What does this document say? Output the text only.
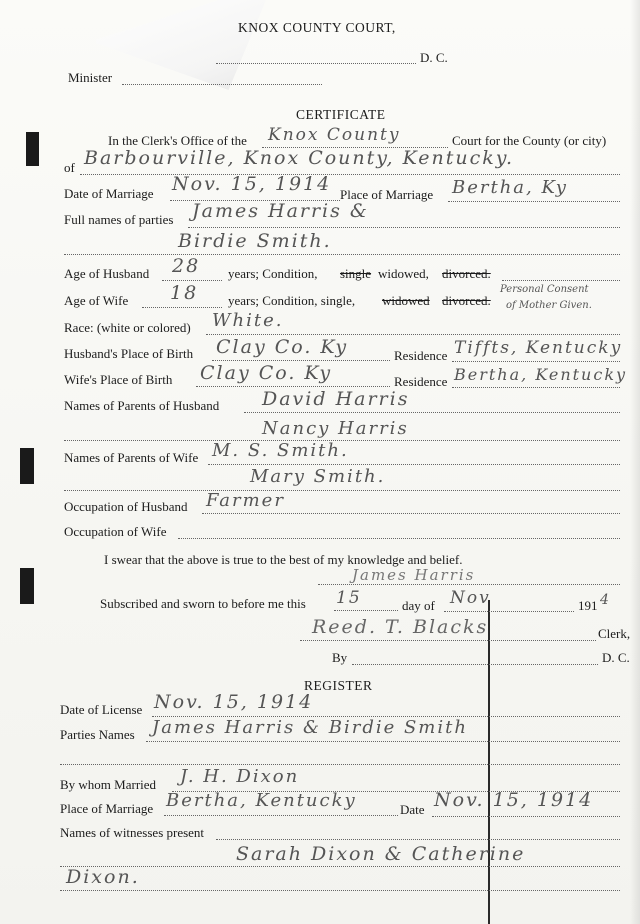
KNOX COUNTY COURT,
D. C.
Minister
CERTIFICATE
In the Clerk's Office of the Knox County	Court for the County (or city)
of Barbourville, Knox County, Kentucky.
Date of Marriage Nov. 15, 1914 Place of Marriage Bertha, Ky
Full names of parties James Harris &
Birdie Smith.
Age of Husband 28 years; Condition, single widowed, divorced.
Age of Wife 18 years; Condition, single, widowed divorced.
Personal Consent
of Mother Given.
Race: (white or colored) White.
Husband's Place of Birth Clay Co. Ky	Residence Tiffts, Kentucky
Wife's Place of Birth Clay Co. Ky	Residence Bertha, Kentucky
Names of Parents of Husband David Harris
Nancy Harris
Names of Parents of Wife M. S. Smith.
Mary Smith.
Occupation of Husband Farmer
Occupation of Wife
I swear that the above is true to the best of my knowledge and belief.
James Harris
Subscribed and sworn to before me this 15	day of Nov	191 4
Reed. T. Blacks	Clerk,
By	D. C.
REGISTER
Date of License Nov. 15, 1914
Parties Names James Harris & Birdie Smith
By whom Married J. H. Dixon
Place of Marriage Bertha, Kentucky	Date Nov. 15, 1914
Names of witnesses present
Sarah Dixon & Catherine
Dixon.
